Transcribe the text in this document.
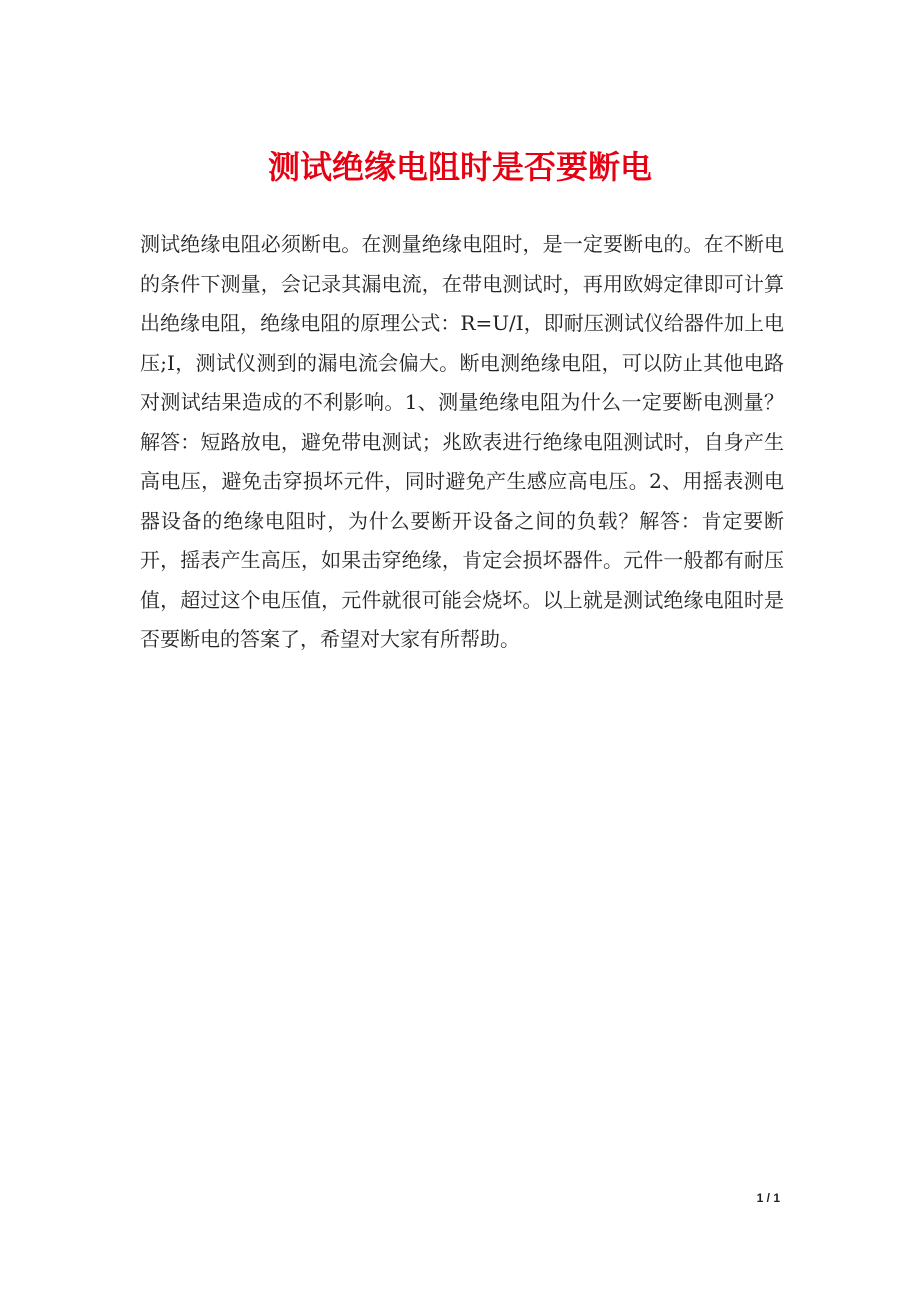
测试绝缘电阻时是否要断电

测试绝缘电阻必须断电。在测量绝缘电阻时，是一定要断电的。在不断电的条件下测量，会记录其漏电流，在带电测试时，再用欧姆定律即可计算出绝缘电阻，绝缘电阻的原理公式：R=U/I，即耐压测试仪给器件加上电压;I，测试仪测到的漏电流会偏大。断电测绝缘电阻，可以防止其他电路对测试结果造成的不利影响。1、测量绝缘电阻为什么一定要断电测量？解答：短路放电，避免带电测试；兆欧表进行绝缘电阻测试时，自身产生高电压，避免击穿损坏元件，同时避免产生感应高电压。2、用摇表测电器设备的绝缘电阻时，为什么要断开设备之间的负载？解答：肯定要断开，摇表产生高压，如果击穿绝缘，肯定会损坏器件。元件一般都有耐压值，超过这个电压值，元件就很可能会烧坏。以上就是测试绝缘电阻时是否要断电的答案了，希望对大家有所帮助。

1 / 1
